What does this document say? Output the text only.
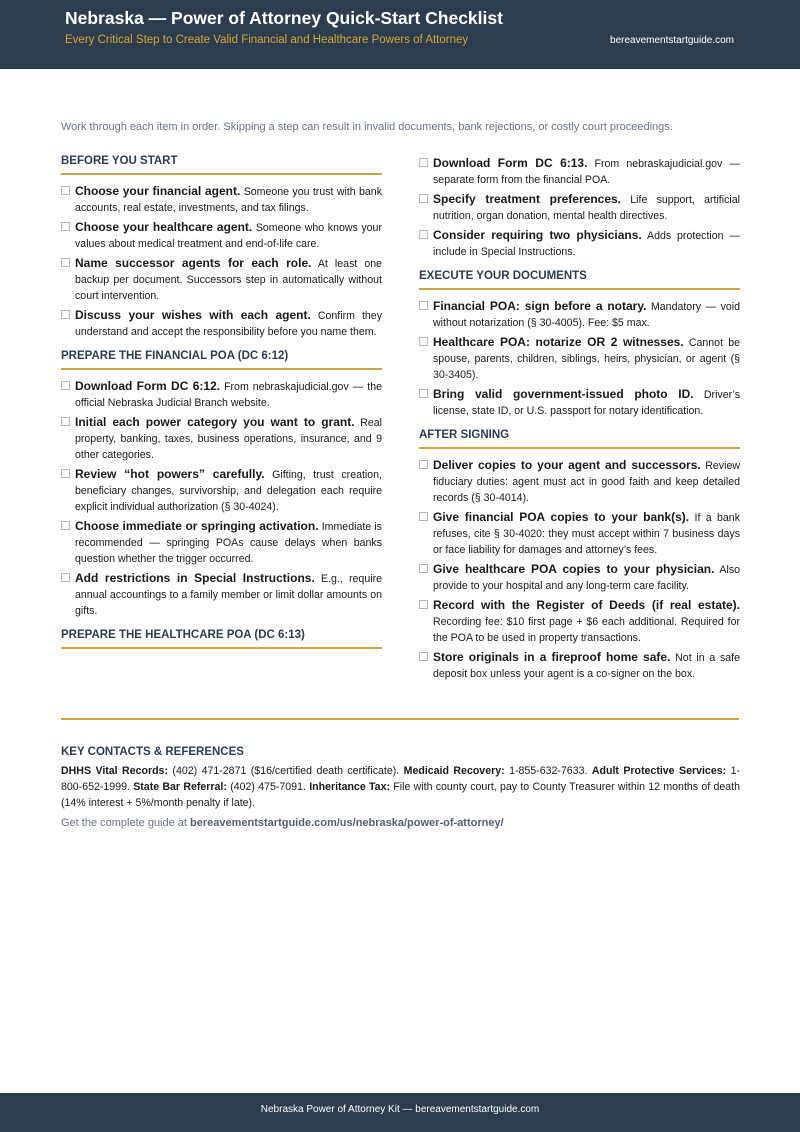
Nebraska — Power of Attorney Quick-Start Checklist
Every Critical Step to Create Valid Financial and Healthcare Powers of Attorney	bereavementstartguide.com
Work through each item in order. Skipping a step can result in invalid documents, bank rejections, or costly court proceedings.
BEFORE YOU START
Choose your financial agent. Someone you trust with bank accounts, real estate, investments, and tax filings.
Choose your healthcare agent. Someone who knows your values about medical treatment and end-of-life care.
Name successor agents for each role. At least one backup per document. Successors step in automatically without court intervention.
Discuss your wishes with each agent. Confirm they understand and accept the responsibility before you name them.
PREPARE THE FINANCIAL POA (DC 6:12)
Download Form DC 6:12. From nebraskajudicial.gov — the official Nebraska Judicial Branch website.
Initial each power category you want to grant. Real property, banking, taxes, business operations, insurance, and 9 other categories.
Review “hot powers” carefully. Gifting, trust creation, beneficiary changes, survivorship, and delegation each require explicit individual authorization (§ 30-4024).
Choose immediate or springing activation. Immediate is recommended — springing POAs cause delays when banks question whether the trigger occurred.
Add restrictions in Special Instructions. E.g., require annual accountings to a family member or limit dollar amounts on gifts.
PREPARE THE HEALTHCARE POA (DC 6:13)
Download Form DC 6:13. From nebraskajudicial.gov — separate form from the financial POA.
Specify treatment preferences. Life support, artificial nutrition, organ donation, mental health directives.
Consider requiring two physicians. Adds protection — include in Special Instructions.
EXECUTE YOUR DOCUMENTS
Financial POA: sign before a notary. Mandatory — void without notarization (§ 30-4005). Fee: $5 max.
Healthcare POA: notarize OR 2 witnesses. Cannot be spouse, parents, children, siblings, heirs, physician, or agent (§ 30-3405).
Bring valid government-issued photo ID. Driver’s license, state ID, or U.S. passport for notary identification.
AFTER SIGNING
Deliver copies to your agent and successors. Review fiduciary duties: agent must act in good faith and keep detailed records (§ 30-4014).
Give financial POA copies to your bank(s). If a bank refuses, cite § 30-4020: they must accept within 7 business days or face liability for damages and attorney’s fees.
Give healthcare POA copies to your physician. Also provide to your hospital and any long-term care facility.
Record with the Register of Deeds (if real estate). Recording fee: $10 first page + $6 each additional. Required for the POA to be used in property transactions.
Store originals in a fireproof home safe. Not in a safe deposit box unless your agent is a co-signer on the box.
KEY CONTACTS & REFERENCES
DHHS Vital Records: (402) 471-2871 ($16/certified death certificate). Medicaid Recovery: 1-855-632-7633. Adult Protective Services: 1-800-652-1999. State Bar Referral: (402) 475-7091. Inheritance Tax: File with county court, pay to County Treasurer within 12 months of death (14% interest + 5%/month penalty if late).
Get the complete guide at bereavementstartguide.com/us/nebraska/power-of-attorney/
Nebraska Power of Attorney Kit — bereavementstartguide.com
